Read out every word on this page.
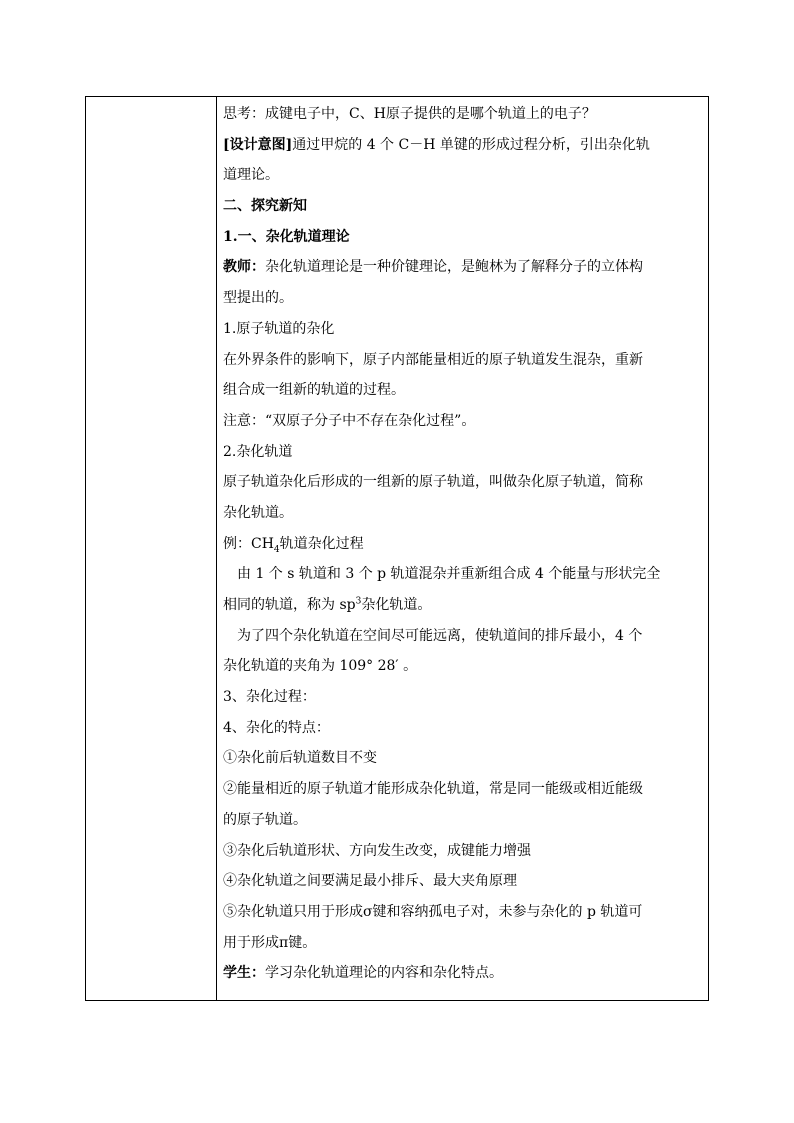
思考：成键电子中，C、H原子提供的是哪个轨道上的电子？
[设计意图]通过甲烷的 4 个 C－H 单键的形成过程分析，引出杂化轨
道理论。
二、探究新知
1.一、杂化轨道理论
教师：杂化轨道理论是一种价键理论，是鲍林为了解释分子的立体构
型提出的。
1.原子轨道的杂化
在外界条件的影响下，原子内部能量相近的原子轨道发生混杂，重新
组合成一组新的轨道的过程。
注意：“双原子分子中不存在杂化过程”。
2.杂化轨道
原子轨道杂化后形成的一组新的原子轨道，叫做杂化原子轨道，简称
杂化轨道。
例：$CH_4$轨道杂化过程
由 1 个 s 轨道和 3 个 p 轨道混杂并重新组合成 4 个能量与形状完全
相同的轨道，称为 $sp^3$杂化轨道。
为了四个杂化轨道在空间尽可能远离，使轨道间的排斥最小，4 个
杂化轨道的夹角为 109° 28′ 。
3、杂化过程：
4、杂化的特点：
①杂化前后轨道数目不变
②能量相近的原子轨道才能形成杂化轨道，常是同一能级或相近能级
的原子轨道。
③杂化后轨道形状、方向发生改变，成键能力增强
④杂化轨道之间要满足最小排斥、最大夹角原理
⑤杂化轨道只用于形成σ键和容纳孤电子对，未参与杂化的 p 轨道可
用于形成π键。
学生：学习杂化轨道理论的内容和杂化特点。
